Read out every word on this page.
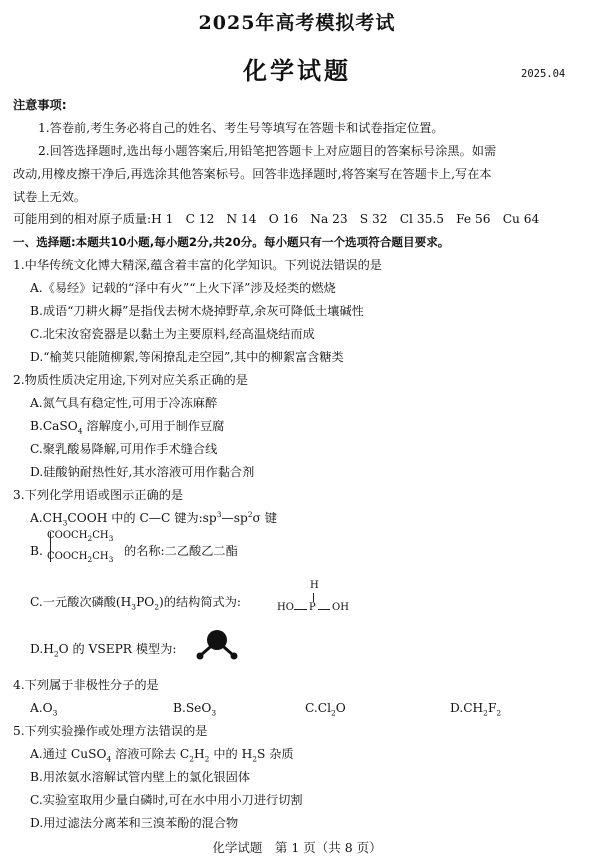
2025年高考模拟考试
化学试题	2025.04
注意事项:
1.答卷前,考生务必将自己的姓名、考生号等填写在答题卡和试卷指定位置。
2.回答选择题时,选出每小题答案后,用铅笔把答题卡上对应题目的答案标号涂黑。如需
改动,用橡皮擦干净后,再选涂其他答案标号。回答非选择题时,将答案写在答题卡上,写在本
试卷上无效。
可能用到的相对原子质量:H 1　C 12　N 14　O 16　Na 23　S 32　Cl 35.5　Fe 56　Cu 64
一、选择题:本题共10小题,每小题2分,共20分。每小题只有一个选项符合题目要求。
1.中华传统文化博大精深,蕴含着丰富的化学知识。下列说法错误的是
A.《易经》记载的“泽中有火”“上火下泽”涉及烃类的燃烧
B.成语“刀耕火耨”是指伐去树木烧掉野草,余灰可降低土壤碱性
C.北宋汝窑瓷器是以黏土为主要原料,经高温烧结而成
D.“榆荚只能随柳絮,等闲撩乱走空园”,其中的柳絮富含糖类
2.物质性质决定用途,下列对应关系正确的是
A.氮气具有稳定性,可用于冷冻麻醉
B.CaSO$_4$ 溶解度小,可用于制作豆腐
C.聚乳酸易降解,可用作手术缝合线
D.硅酸钠耐热性好,其水溶液可用作黏合剂
3.下列化学用语或图示正确的是
$A.CH_3COOH$ 中的 C—C 键为$:sp^3—sp^2\sigma$ 键
B.
$COOCH_2CH_3$
$COOCH_2CH_3$
的名称:二乙酸乙二酯
C.一元酸次磷酸$(H_3PO_2)$的结构简式为:
H
HO P OH
$D.H_2O$ 的 VSEPR 模型为:
4.下列属于非极性分子的是
$A.O_3$	B.SeO$_3$	$C.Cl_2O$	$D.CH_2F_2$
5.下列实验操作或处理方法错误的是
A.通过 CuSO$_4$ 溶液可除去 $C_2H_2$ 中的 $H_2S$ 杂质
B.用浓氨水溶解试管内壁上的氯化银固体
C.实验室取用少量白磷时,可在水中用小刀进行切割
D.用过滤法分离苯和三溴苯酚的混合物
化学试题　第 1 页（共 8 页）
